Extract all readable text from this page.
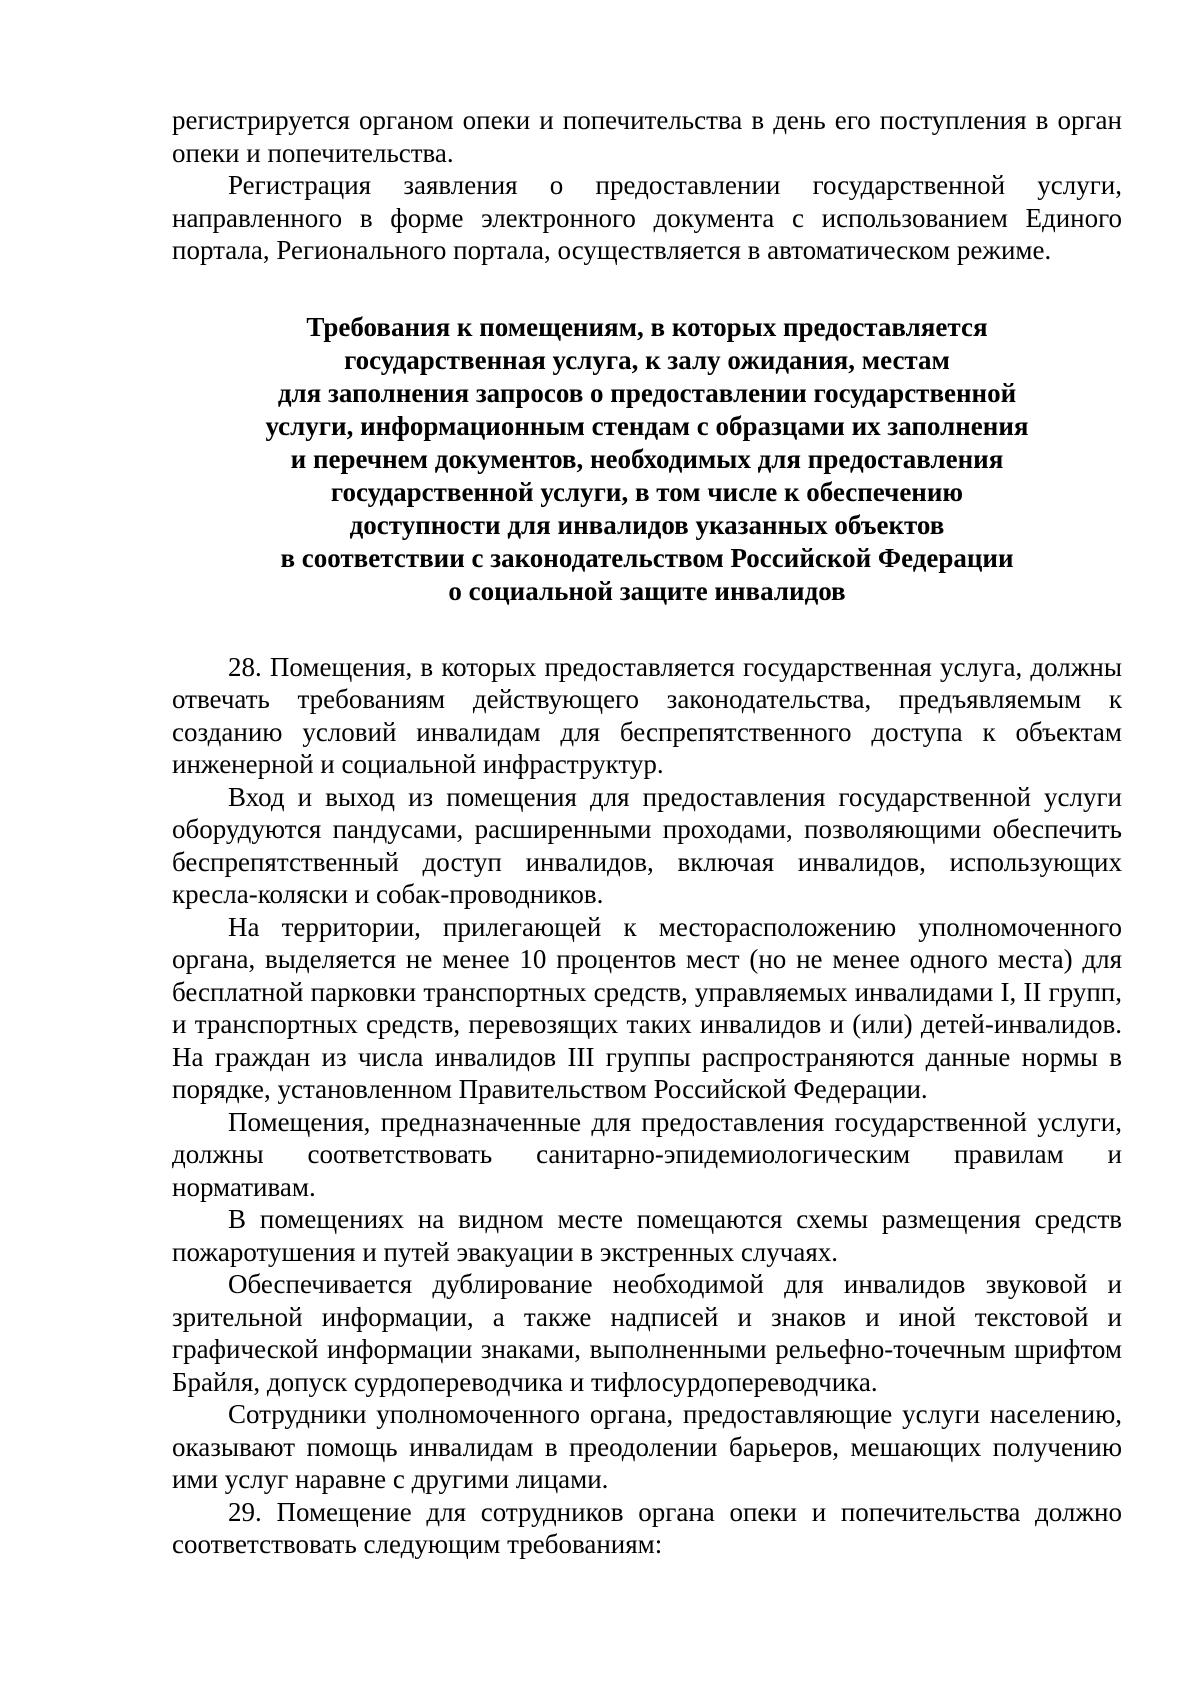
регистрируется органом опеки и попечительства в день его поступления в орган опеки и попечительства.

Регистрация заявления о предоставлении государственной услуги, направленного в форме электронного документа с использованием Единого портала, Регионального портала, осуществляется в автоматическом режиме.

Требования к помещениям, в которых предоставляется
государственная услуга, к залу ожидания, местам
для заполнения запросов о предоставлении государственной
услуги, информационным стендам с образцами их заполнения
и перечнем документов, необходимых для предоставления
государственной услуги, в том числе к обеспечению
доступности для инвалидов указанных объектов
в соответствии с законодательством Российской Федерации
о социальной защите инвалидов

28. Помещения, в которых предоставляется государственная услуга, должны отвечать требованиям действующего законодательства, предъявляемым к созданию условий инвалидам для беспрепятственного доступа к объектам инженерной и социальной инфраструктур.

Вход и выход из помещения для предоставления государственной услуги оборудуются пандусами, расширенными проходами, позволяющими обеспечить беспрепятственный доступ инвалидов, включая инвалидов, использующих кресла-коляски и собак-проводников.

На территории, прилегающей к месторасположению уполномоченного органа, выделяется не менее 10 процентов мест (но не менее одного места) для бесплатной парковки транспортных средств, управляемых инвалидами I, II групп, и транспортных средств, перевозящих таких инвалидов и (или) детей-инвалидов. На граждан из числа инвалидов III группы распространяются данные нормы в порядке, установленном Правительством Российской Федерации.

Помещения, предназначенные для предоставления государственной услуги, должны соответствовать санитарно-эпидемиологическим правилам и нормативам.

В помещениях на видном месте помещаются схемы размещения средств пожаротушения и путей эвакуации в экстренных случаях.

Обеспечивается дублирование необходимой для инвалидов звуковой и зрительной информации, а также надписей и знаков и иной текстовой и графической информации знаками, выполненными рельефно-точечным шрифтом Брайля, допуск сурдопереводчика и тифлосурдопереводчика.

Сотрудники уполномоченного органа, предоставляющие услуги населению, оказывают помощь инвалидам в преодолении барьеров, мешающих получению ими услуг наравне с другими лицами.

29. Помещение для сотрудников органа опеки и попечительства должно соответствовать следующим требованиям:
